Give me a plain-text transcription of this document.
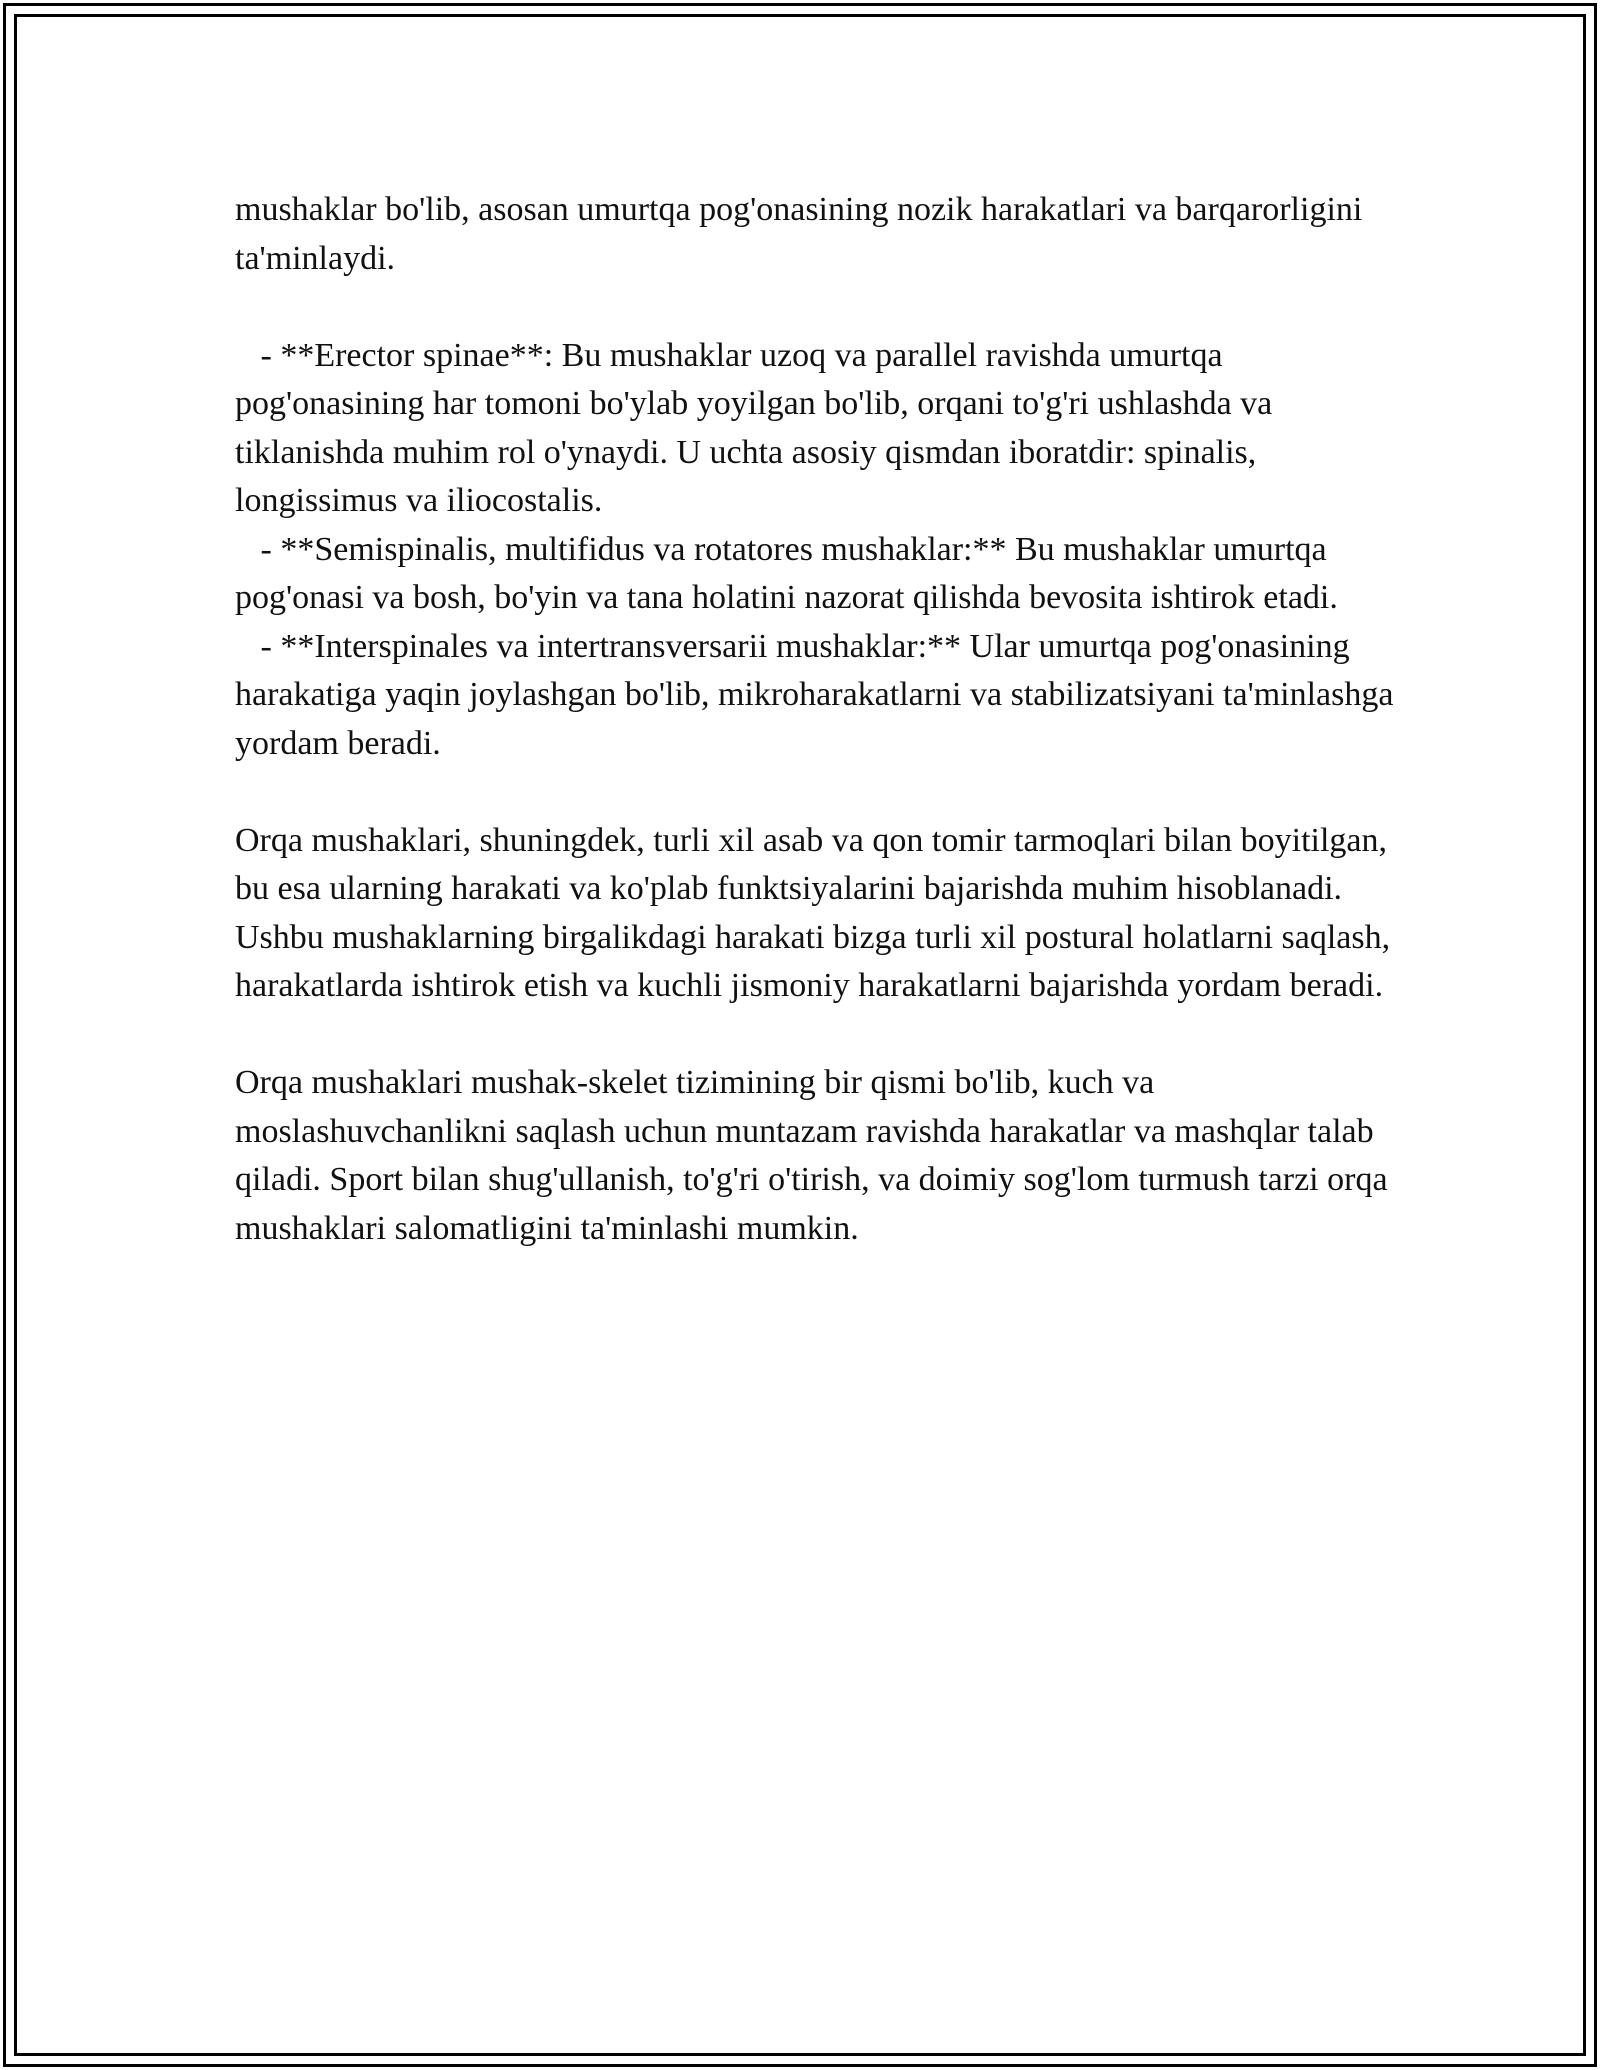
mushaklar bo'lib, asosan umurtqa pog'onasining nozik harakatlari va barqarorligini ta'minlaydi.

- **Erector spinae**: Bu mushaklar uzoq va parallel ravishda umurtqa pog'onasining har tomoni bo'ylab yoyilgan bo'lib, orqani to'g'ri ushlashda va tiklanishda muhim rol o'ynaydi. U uchta asosiy qismdan iboratdir: spinalis, longissimus va iliocostalis.

- **Semispinalis, multifidus va rotatores mushaklar:** Bu mushaklar umurtqa pog'onasi va bosh, bo'yin va tana holatini nazorat qilishda bevosita ishtirok etadi.

- **Interspinales va intertransversarii mushaklar:** Ular umurtqa pog'onasining harakatiga yaqin joylashgan bo'lib, mikroharakatlarni va stabilizatsiyani ta'minlashga yordam beradi.

Orqa mushaklari, shuningdek, turli xil asab va qon tomir tarmoqlari bilan boyitilgan, bu esa ularning harakati va ko'plab funktsiyalarini bajarishda muhim hisoblanadi. Ushbu mushaklarning birgalikdagi harakati bizga turli xil postural holatlarni saqlash, harakatlarda ishtirok etish va kuchli jismoniy harakatlarni bajarishda yordam beradi.

Orqa mushaklari mushak-skelet tizimining bir qismi bo'lib, kuch va moslashuvchanlikni saqlash uchun muntazam ravishda harakatlar va mashqlar talab qiladi. Sport bilan shug'ullanish, to'g'ri o'tirish, va doimiy sog'lom turmush tarzi orqa mushaklari salomatligini ta'minlashi mumkin.
